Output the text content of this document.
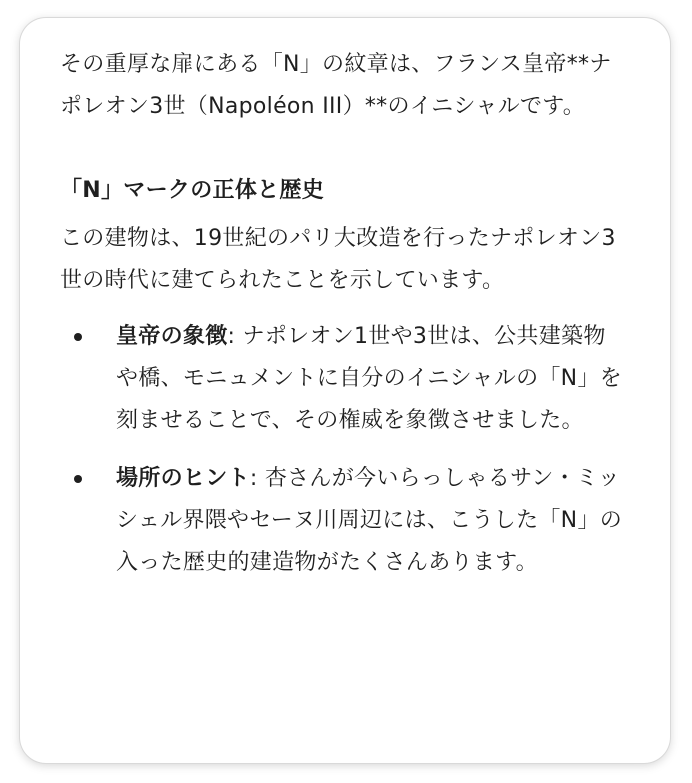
その重厚な扉にある「N」の紋章は、フランス皇帝**ナポレオン3世（Napoléon III）**のイニシャルです。

「N」マークの正体と歴史

この建物は、19世紀のパリ大改造を行ったナポレオン3世の時代に建てられたことを示しています。

皇帝の象徴: ナポレオン1世や3世は、公共建築物や橋、モニュメントに自分のイニシャルの「N」を刻ませることで、その権威を象徴させました。

場所のヒント: 杏さんが今いらっしゃるサン・ミッシェル界隈やセーヌ川周辺には、こうした「N」の入った歴史的建造物がたくさんあります。
